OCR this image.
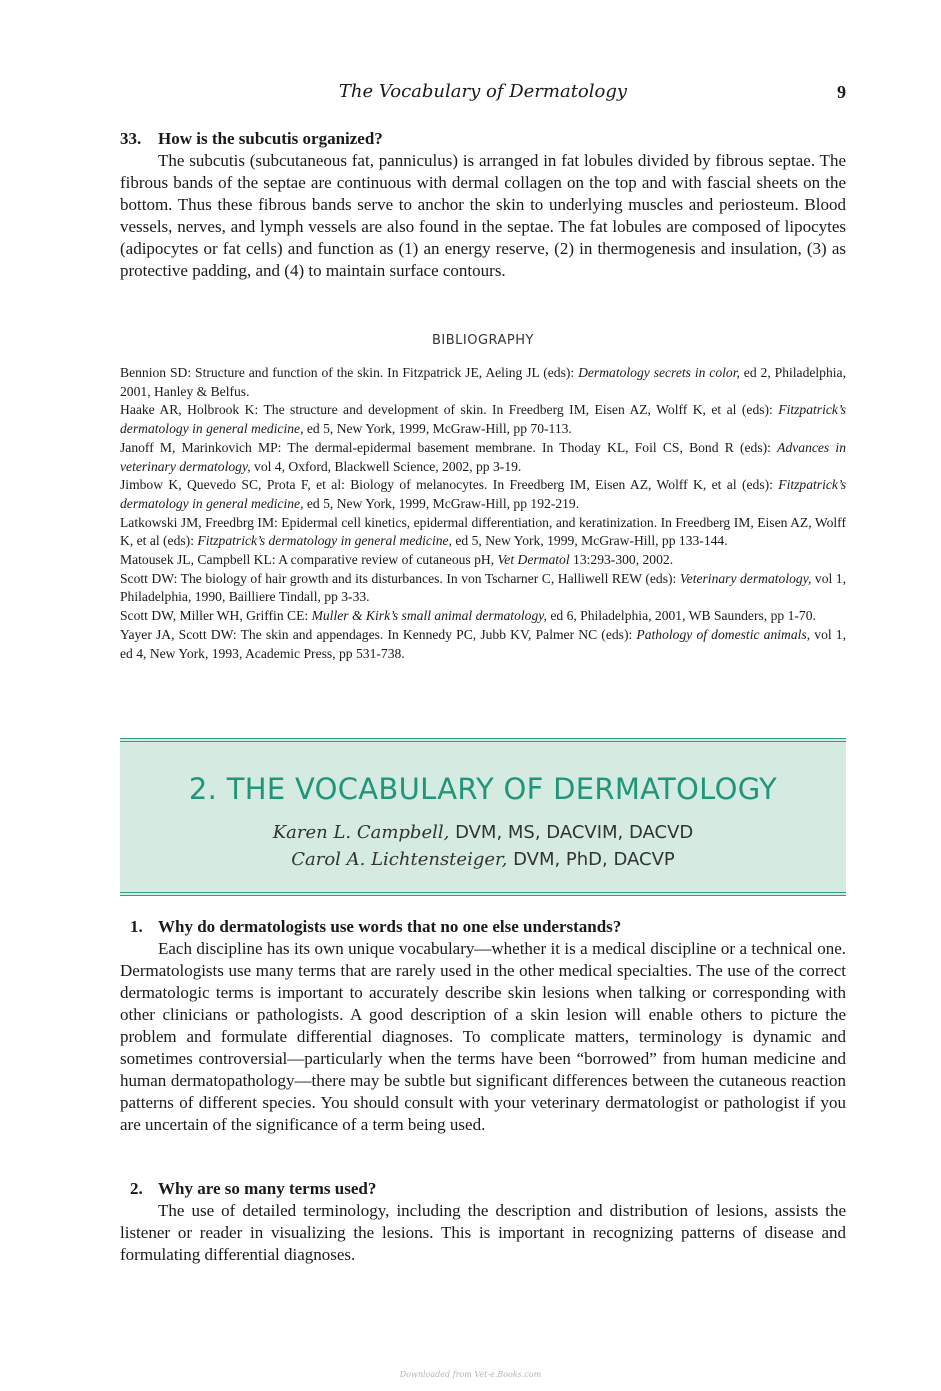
The Vocabulary of Dermatology	9

33. How is the subcutis organized?

The subcutis (subcutaneous fat, panniculus) is arranged in fat lobules divided by fibrous septae. The fibrous bands of the septae are continuous with dermal collagen on the top and with fascial sheets on the bottom. Thus these fibrous bands serve to anchor the skin to underlying muscles and periosteum. Blood vessels, nerves, and lymph vessels are also found in the septae. The fat lobules are composed of lipocytes (adipocytes or fat cells) and function as (1) an energy reserve, (2) in thermogenesis and insulation, (3) as protective padding, and (4) to maintain surface contours.

BIBLIOGRAPHY
Bennion SD: Structure and function of the skin. In Fitzpatrick JE, Aeling JL (eds): Dermatology secrets in color, ed 2, Philadelphia, 2001, Hanley & Belfus.
Haake AR, Holbrook K: The structure and development of skin. In Freedberg IM, Eisen AZ, Wolff K, et al (eds): Fitzpatrick’s dermatology in general medicine, ed 5, New York, 1999, McGraw-Hill, pp 70-113.
Janoff M, Marinkovich MP: The dermal-epidermal basement membrane. In Thoday KL, Foil CS, Bond R (eds): Advances in veterinary dermatology, vol 4, Oxford, Blackwell Science, 2002, pp 3-19.
Jimbow K, Quevedo SC, Prota F, et al: Biology of melanocytes. In Freedberg IM, Eisen AZ, Wolff K, et al (eds): Fitzpatrick’s dermatology in general medicine, ed 5, New York, 1999, McGraw-Hill, pp 192-219.
Latkowski JM, Freedbrg IM: Epidermal cell kinetics, epidermal differentiation, and keratinization. In Freedberg IM, Eisen AZ, Wolff K, et al (eds): Fitzpatrick’s dermatology in general medicine, ed 5, New York, 1999, McGraw-Hill, pp 133-144.
Matousek JL, Campbell KL: A comparative review of cutaneous pH, Vet Dermatol 13:293-300, 2002.
Scott DW: The biology of hair growth and its disturbances. In von Tscharner C, Halliwell REW (eds): Veterinary dermatology, vol 1, Philadelphia, 1990, Bailliere Tindall, pp 3-33.
Scott DW, Miller WH, Griffin CE: Muller & Kirk’s small animal dermatology, ed 6, Philadelphia, 2001, WB Saunders, pp 1-70.
Yayer JA, Scott DW: The skin and appendages. In Kennedy PC, Jubb KV, Palmer NC (eds): Pathology of domestic animals, vol 1, ed 4, New York, 1993, Academic Press, pp 531-738.
2. THE VOCABULARY OF DERMATOLOGY
Karen L. Campbell, DVM, MS, DACVIM, DACVD
Carol A. Lichtensteiger, DVM, PhD, DACVP

1. Why do dermatologists use words that no one else understands?

Each discipline has its own unique vocabulary—whether it is a medical discipline or a technical one. Dermatologists use many terms that are rarely used in the other medical specialties. The use of the correct dermatologic terms is important to accurately describe skin lesions when talking or corresponding with other clinicians or pathologists. A good description of a skin lesion will enable others to picture the problem and formulate differential diagnoses. To complicate matters, terminology is dynamic and sometimes controversial—particularly when the terms have been “borrowed” from human medicine and human dermatopathology—there may be subtle but significant differences between the cutaneous reaction patterns of different species. You should consult with your veterinary dermatologist or pathologist if you are uncertain of the significance of a term being used.

2. Why are so many terms used?

The use of detailed terminology, including the description and distribution of lesions, assists the listener or reader in visualizing the lesions. This is important in recognizing patterns of disease and formulating differential diagnoses.

Downloaded from Vet-e.Books.com
